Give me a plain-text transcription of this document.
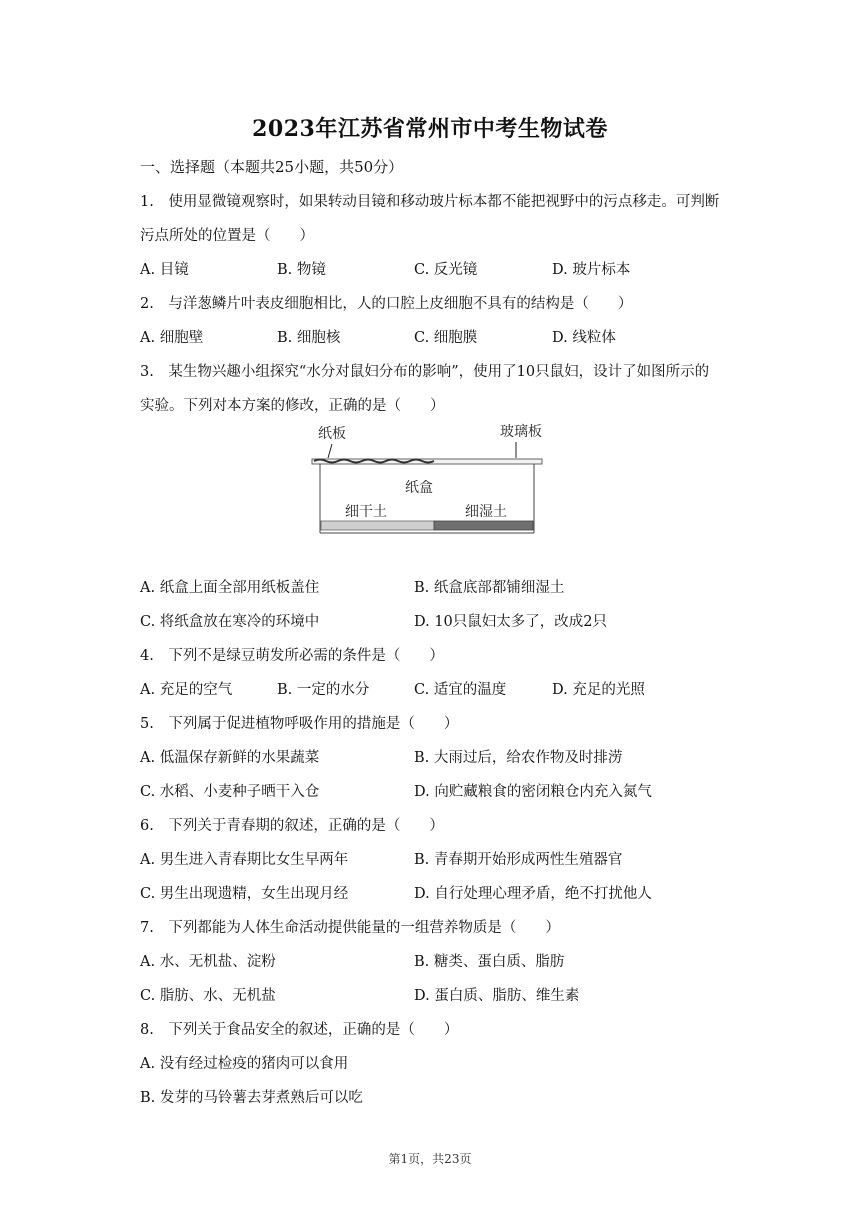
2023年江苏省常州市中考生物试卷
一、选择题（本题共25小题，共50分）
1.　使用显微镜观察时，如果转动目镜和移动玻片标本都不能把视野中的污点移走。可判断
污点所处的位置是（　　）
A. 目镜	B. 物镜	C. 反光镜	D. 玻片标本
2.　与洋葱鳞片叶表皮细胞相比，人的口腔上皮细胞不具有的结构是（　　）
A. 细胞壁	B. 细胞核	C. 细胞膜	D. 线粒体
3.　某生物兴趣小组探究“水分对鼠妇分布的影响”，使用了10只鼠妇，设计了如图所示的
实验。下列对本方案的修改，正确的是（　　）
纸板	玻璃板
纸盒
细干土	细湿土
A. 纸盒上面全部用纸板盖住	B. 纸盒底部都铺细湿土
C. 将纸盒放在寒冷的环境中	D. 10只鼠妇太多了，改成2只
4.　下列不是绿豆萌发所必需的条件是（　　）
A. 充足的空气	B. 一定的水分	C. 适宜的温度	D. 充足的光照
5.　下列属于促进植物呼吸作用的措施是（　　）
A. 低温保存新鲜的水果蔬菜	B. 大雨过后，给农作物及时排涝
C. 水稻、小麦种子晒干入仓	D. 向贮藏粮食的密闭粮仓内充入氮气
6.　下列关于青春期的叙述，正确的是（　　）
A. 男生进入青春期比女生早两年	B. 青春期开始形成两性生殖器官
C. 男生出现遗精，女生出现月经	D. 自行处理心理矛盾，绝不打扰他人
7.　下列都能为人体生命活动提供能量的一组营养物质是（　　）
A. 水、无机盐、淀粉	B. 糖类、蛋白质、脂肪
C. 脂肪、水、无机盐	D. 蛋白质、脂肪、维生素
8.　下列关于食品安全的叙述，正确的是（　　）
A. 没有经过检疫的猪肉可以食用
B. 发芽的马铃薯去芽煮熟后可以吃
第1页，共23页
